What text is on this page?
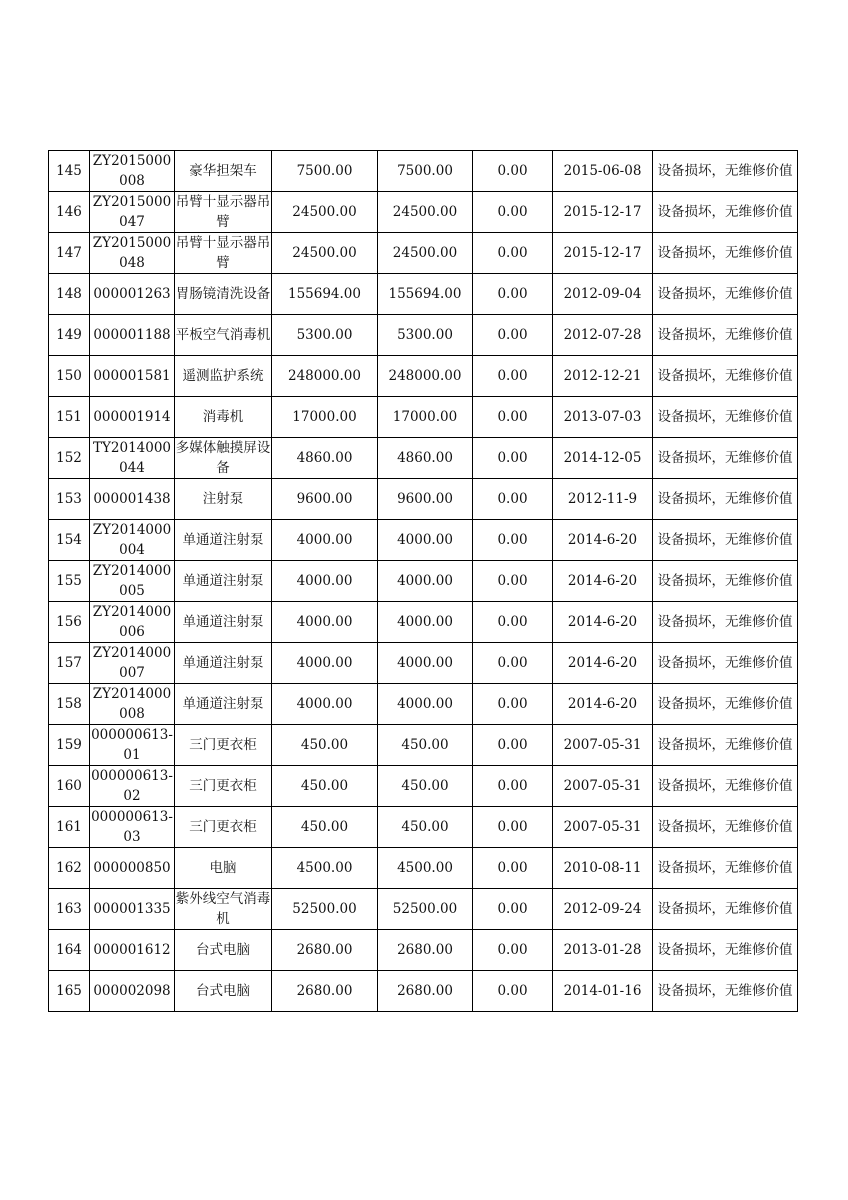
145	ZY2015000008	豪华担架车	7500.00	7500.00	0.00	2015-06-08	设备损坏，无维修价值
146	ZY2015000047	吊臂十显示器吊臂	24500.00	24500.00	0.00	2015-12-17	设备损坏，无维修价值
147	ZY2015000048	吊臂十显示器吊臂	24500.00	24500.00	0.00	2015-12-17	设备损坏，无维修价值
148	000001263	胃肠镜清洗设备	155694.00	155694.00	0.00	2012-09-04	设备损坏，无维修价值
149	000001188	平板空气消毒机	5300.00	5300.00	0.00	2012-07-28	设备损坏，无维修价值
150	000001581	遥测监护系统	248000.00	248000.00	0.00	2012-12-21	设备损坏，无维修价值
151	000001914	消毒机	17000.00	17000.00	0.00	2013-07-03	设备损坏，无维修价值
152	TY2014000044	多媒体触摸屏设备	4860.00	4860.00	0.00	2014-12-05	设备损坏，无维修价值
153	000001438	注射泵	9600.00	9600.00	0.00	2012-11-9	设备损坏，无维修价值
154	ZY2014000004	单通道注射泵	4000.00	4000.00	0.00	2014-6-20	设备损坏，无维修价值
155	ZY2014000005	单通道注射泵	4000.00	4000.00	0.00	2014-6-20	设备损坏，无维修价值
156	ZY2014000006	单通道注射泵	4000.00	4000.00	0.00	2014-6-20	设备损坏，无维修价值
157	ZY2014000007	单通道注射泵	4000.00	4000.00	0.00	2014-6-20	设备损坏，无维修价值
158	ZY2014000008	单通道注射泵	4000.00	4000.00	0.00	2014-6-20	设备损坏，无维修价值
159	000000613-01	三门更衣柜	450.00	450.00	0.00	2007-05-31	设备损坏，无维修价值
160	000000613-02	三门更衣柜	450.00	450.00	0.00	2007-05-31	设备损坏，无维修价值
161	000000613-03	三门更衣柜	450.00	450.00	0.00	2007-05-31	设备损坏，无维修价值
162	000000850	电脑	4500.00	4500.00	0.00	2010-08-11	设备损坏，无维修价值
163	000001335	紫外线空气消毒机	52500.00	52500.00	0.00	2012-09-24	设备损坏，无维修价值
164	000001612	台式电脑	2680.00	2680.00	0.00	2013-01-28	设备损坏，无维修价值
165	000002098	台式电脑	2680.00	2680.00	0.00	2014-01-16	设备损坏，无维修价值
